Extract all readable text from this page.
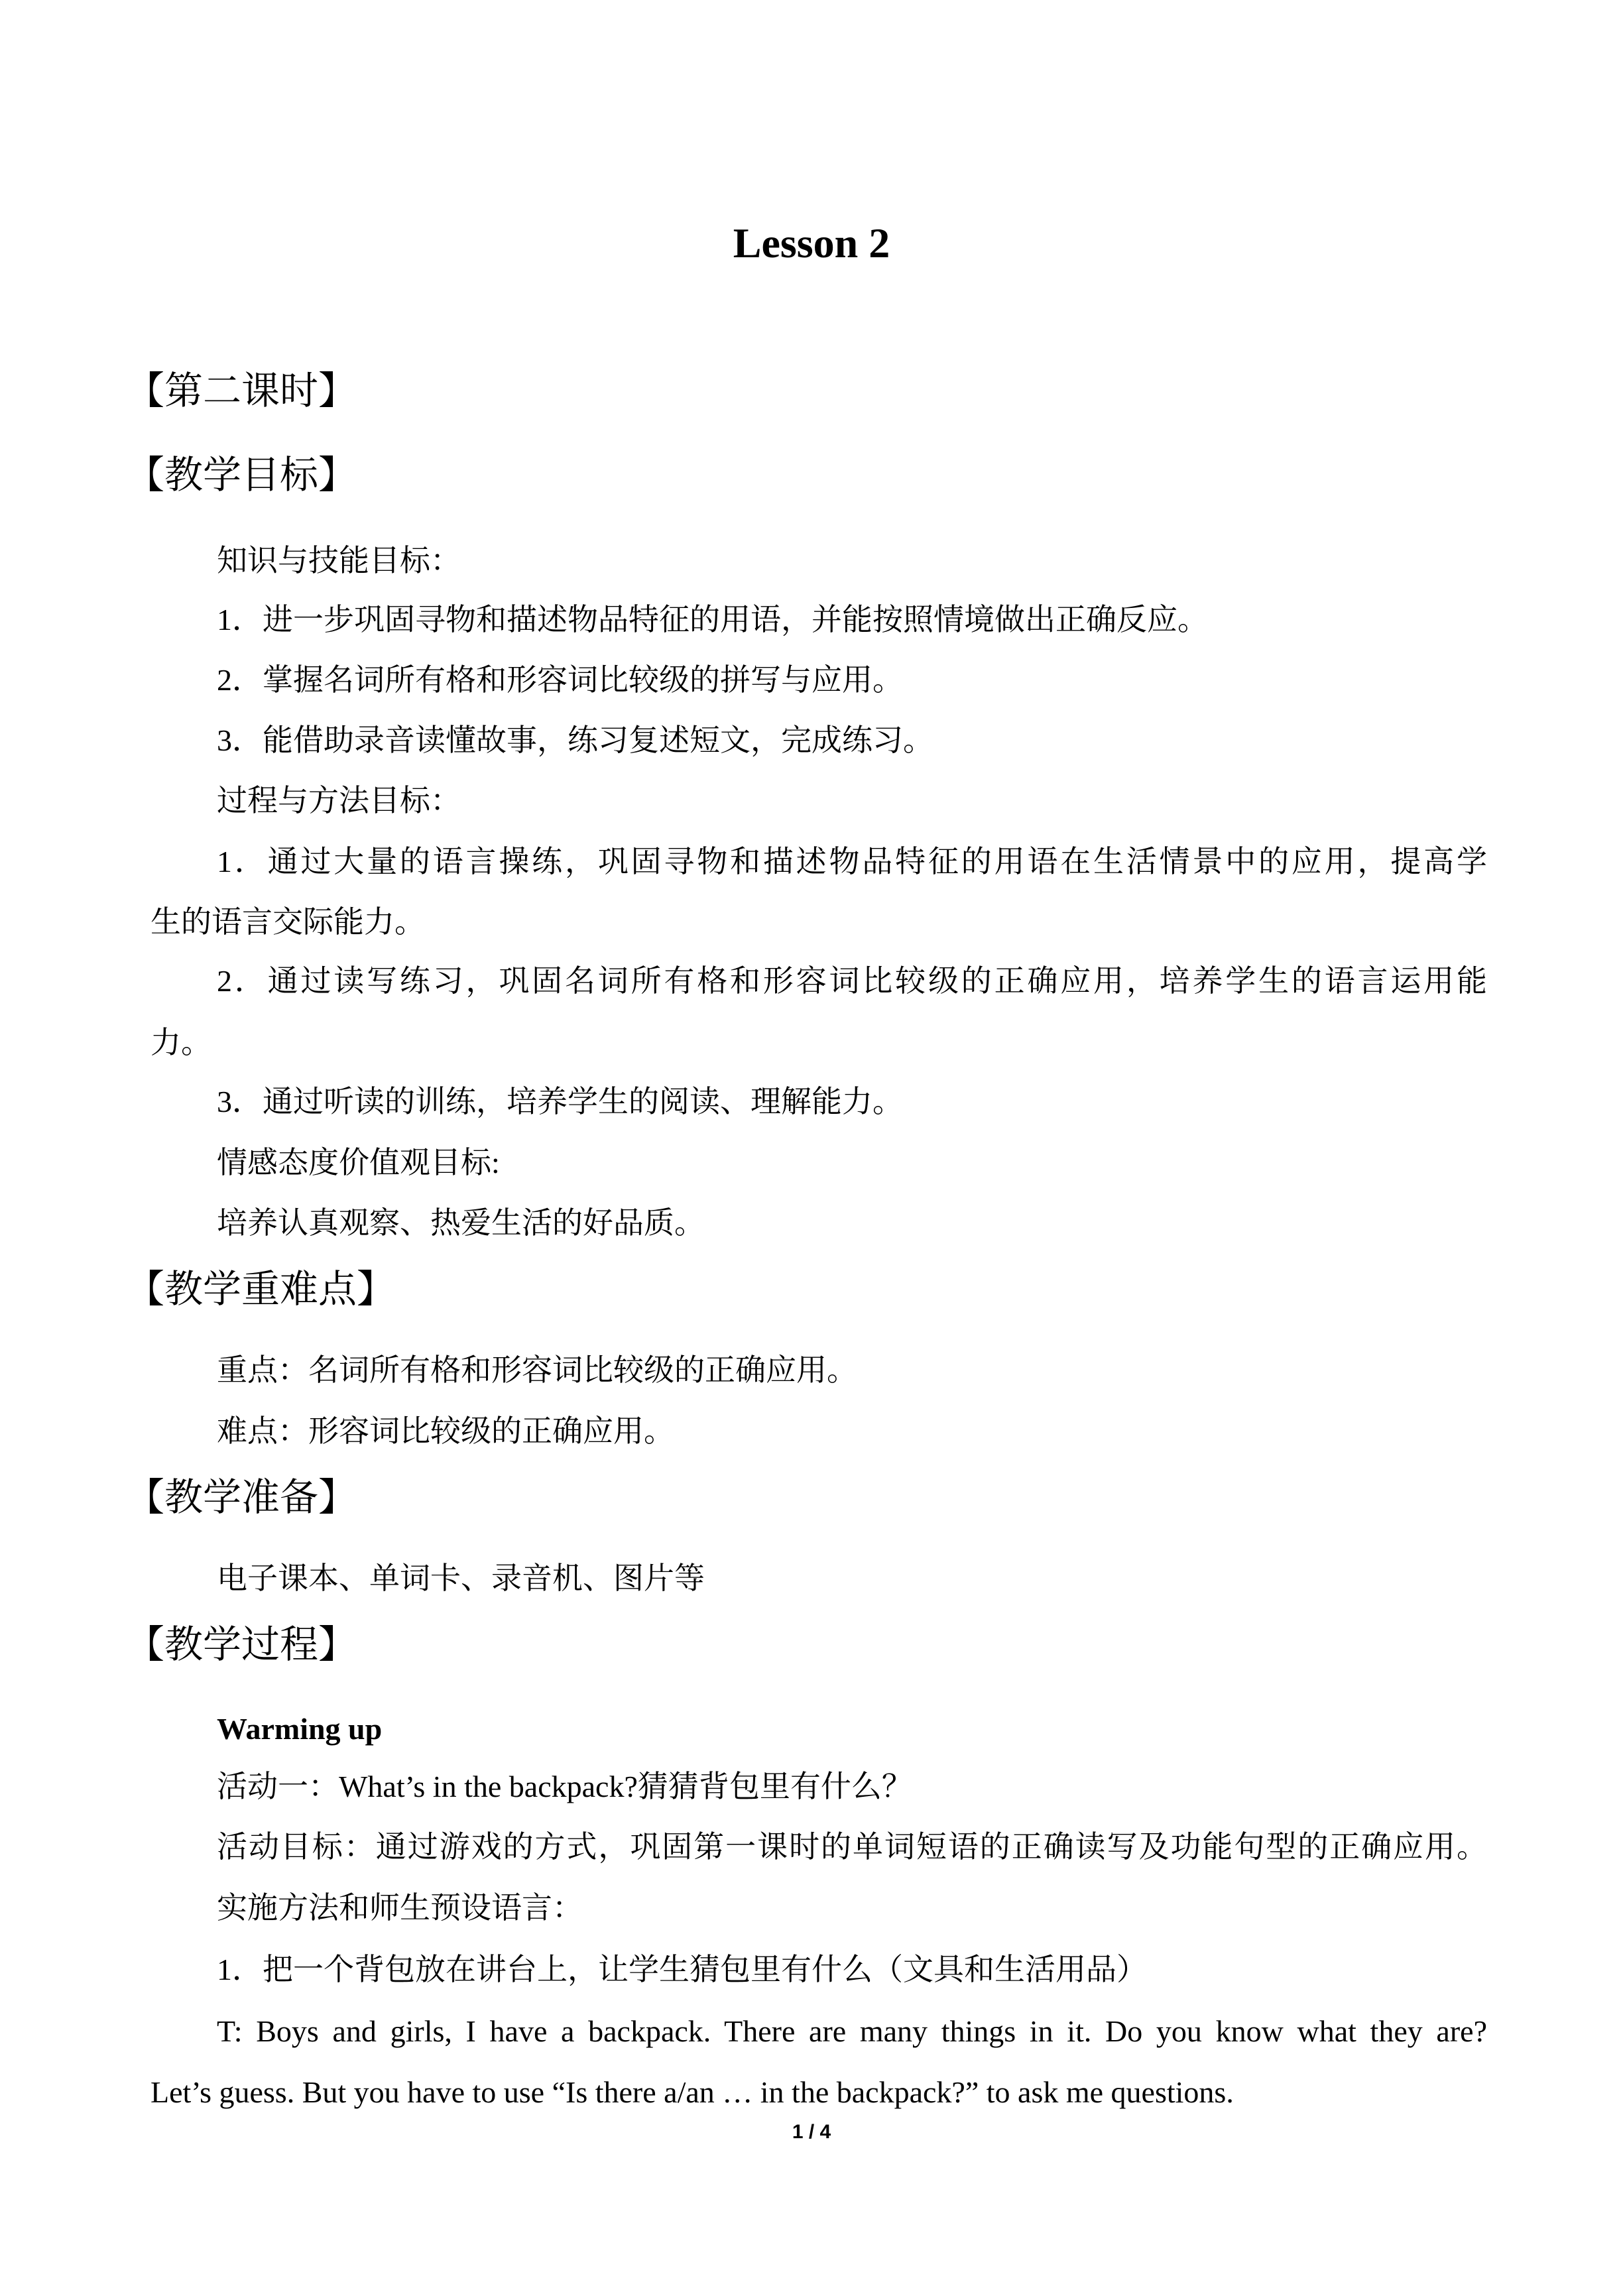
Lesson 2
【第二课时】
【教学目标】
知识与技能目标：
1．进一步巩固寻物和描述物品特征的用语，并能按照情境做出正确反应。
2．掌握名词所有格和形容词比较级的拼写与应用。
3．能借助录音读懂故事，练习复述短文，完成练习。
过程与方法目标：
1．通过大量的语言操练，巩固寻物和描述物品特征的用语在生活情景中的应用，提高学
生的语言交际能力。
2．通过读写练习，巩固名词所有格和形容词比较级的正确应用，培养学生的语言运用能
力。
3．通过听读的训练，培养学生的阅读、理解能力。
情感态度价值观目标:
培养认真观察、热爱生活的好品质。
【教学重难点】
重点：名词所有格和形容词比较级的正确应用。
难点：形容词比较级的正确应用。
【教学准备】
电子课本、单词卡、录音机、图片等
【教学过程】
Warming up
活动一：What’s in the backpack?猜猜背包里有什么？
活动目标：通过游戏的方式，巩固第一课时的单词短语的正确读写及功能句型的正确应用。
实施方法和师生预设语言：
1．把一个背包放在讲台上，让学生猜包里有什么（文具和生活用品）
T: Boys and girls, I have a backpack. There are many things in it. Do you know what they are?
Let’s guess. But you have to use “Is there a/an … in the backpack?” to ask me questions.
1 / 4
